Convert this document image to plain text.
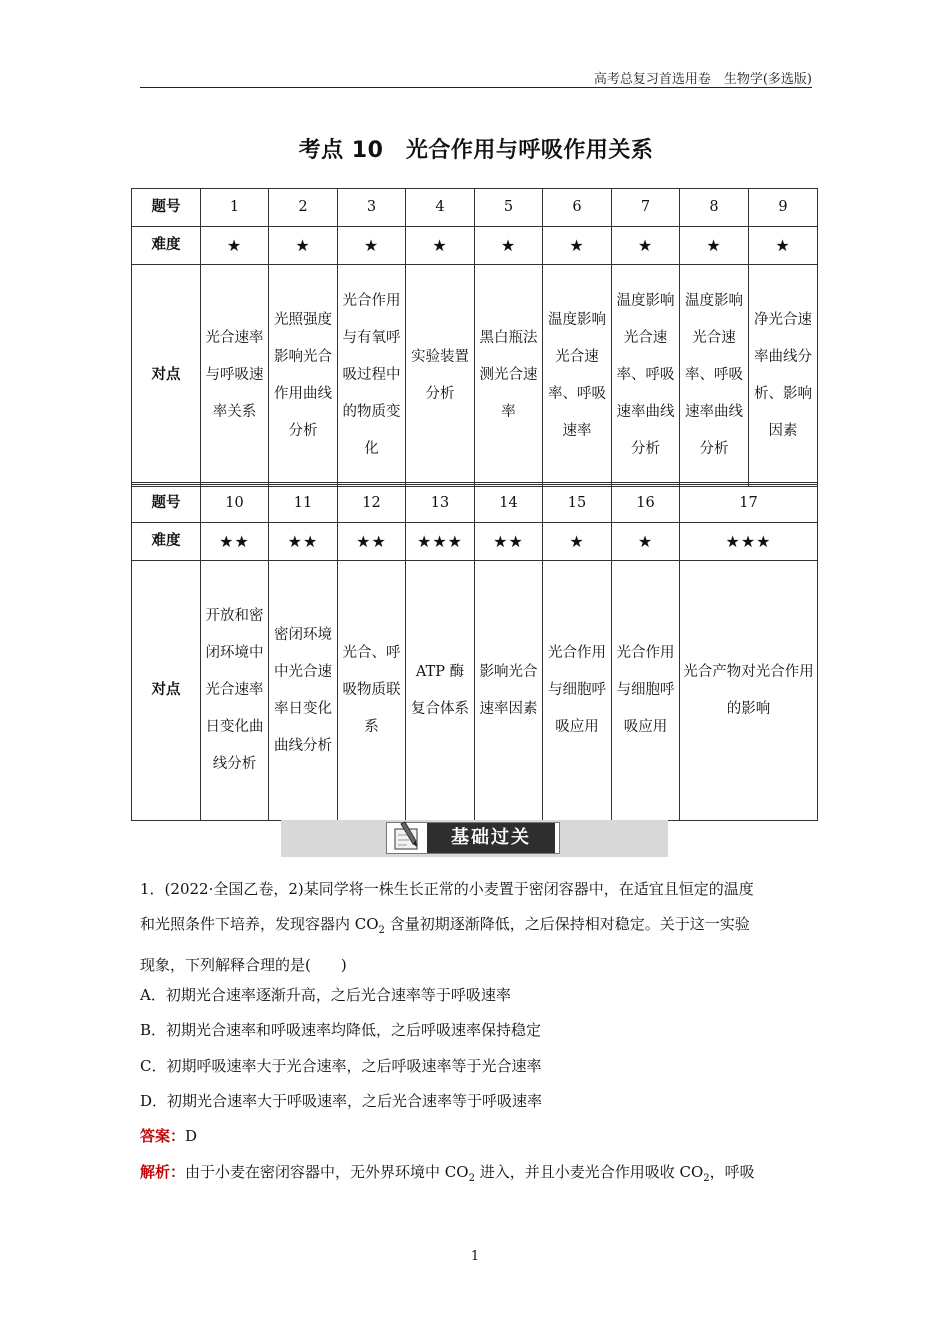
高考总复习首选用卷　生物学(多选版)
考点 10　光合作用与呼吸作用关系
题号	1	2	3	4	5	6	7	8	9
难度	★	★	★	★	★	★	★	★	★
对点	光合速率与呼吸速率关系	光照强度影响光合作用曲线分析	光合作用与有氧呼吸过程中的物质变化	实验装置分析	黑白瓶法测光合速率	温度影响光合速率、呼吸速率	温度影响光合速率、呼吸速率曲线分析	温度影响光合速率、呼吸速率曲线分析	净光合速率曲线分析、影响因素
题号	10	11	12	13	14	15	16	17
难度	★★	★★	★★	★★★	★★	★	★	★★★
对点	开放和密闭环境中光合速率日变化曲线分析	密闭环境中光合速率日变化曲线分析	光合、呼吸物质联系	ATP 酶复合体系	影响光合速率因素	光合作用与细胞呼吸应用	光合作用与细胞呼吸应用	光合产物对光合作用的影响
基础过关
1．(2022·全国乙卷，2)某同学将一株生长正常的小麦置于密闭容器中，在适宜且恒定的温度
和光照条件下培养，发现容器内 $CO_2$ 含量初期逐渐降低，之后保持相对稳定。关于这一实验
现象，下列解释合理的是(　　)
A．初期光合速率逐渐升高，之后光合速率等于呼吸速率
B．初期光合速率和呼吸速率均降低，之后呼吸速率保持稳定
C．初期呼吸速率大于光合速率，之后呼吸速率等于光合速率
D．初期光合速率大于呼吸速率，之后光合速率等于呼吸速率
答案：D
解析：由于小麦在密闭容器中，无外界环境中 $CO_2$ 进入，并且小麦光合作用吸收 $CO_2$，呼吸
1
